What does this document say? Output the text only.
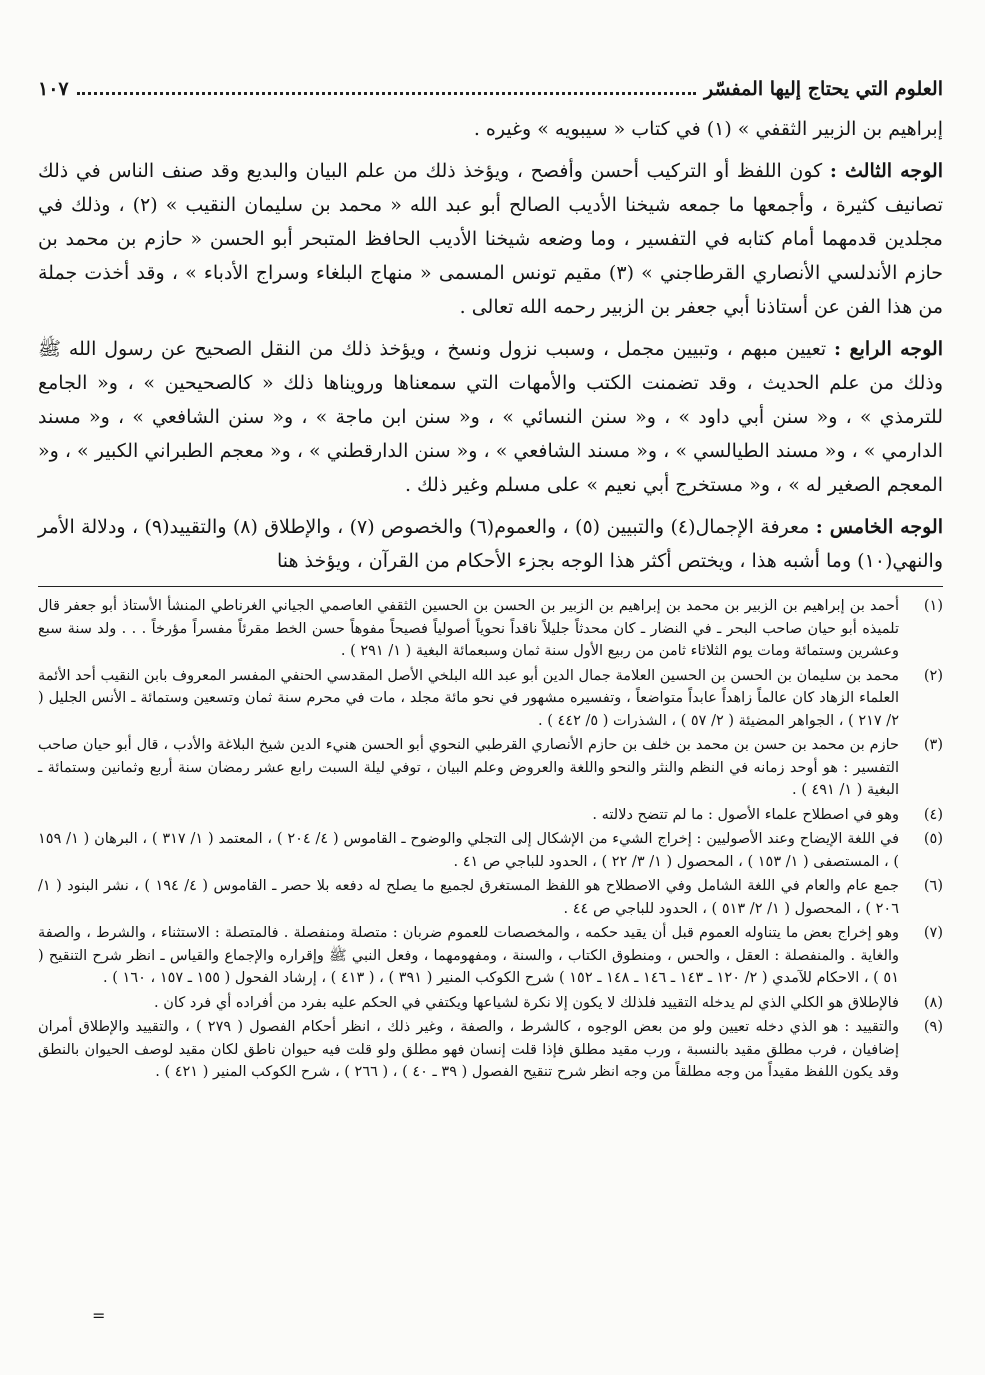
العلوم التي يحتاج إليها المفسّر
١٠٧

إبراهيم بن الزبير الثقفي » (١) في كتاب « سيبويه » وغيره .

الوجه الثالث : كون اللفظ أو التركيب أحسن وأفصح ، ويؤخذ ذلك من علم البيان والبديع وقد صنف الناس في ذلك تصانيف كثيرة ، وأجمعها ما جمعه شيخنا الأديب الصالح أبو عبد الله « محمد بن سليمان النقيب » (٢) ، وذلك في مجلدين قدمهما أمام كتابه في التفسير ، وما وضعه شيخنا الأديب الحافظ المتبحر أبو الحسن « حازم بن محمد بن حازم الأندلسي الأنصاري القرطاجني » (٣) مقيم تونس المسمى « منهاج البلغاء وسراج الأدباء » ، وقد أخذت جملة من هذا الفن عن أستاذنا أبي جعفر بن الزبير رحمه الله تعالى .

الوجه الرابع : تعيين مبهم ، وتبيين مجمل ، وسبب نزول ونسخ ، ويؤخذ ذلك من النقل الصحيح عن رسول الله ﷺ وذلك من علم الحديث ، وقد تضمنت الكتب والأمهات التي سمعناها ورويناها ذلك « كالصحيحين » ، و« الجامع للترمذي » ، و« سنن أبي داود » ، و« سنن النسائي » ، و« سنن ابن ماجة » ، و« سنن الشافعي » ، و« مسند الدارمي » ، و« مسند الطيالسي » ، و« مسند الشافعي » ، و« سنن الدارقطني » ، و« معجم الطبراني الكبير » ، و« المعجم الصغير له » ، و« مستخرج أبي نعيم » على مسلم وغير ذلك .

الوجه الخامس : معرفة الإجمال(٤) والتبيين (٥) ، والعموم(٦) والخصوص (٧) ، والإطلاق (٨) والتقييد(٩) ، ودلالة الأمر والنهي(١٠) وما أشبه هذا ، ويختص أكثر هذا الوجه بجزء الأحكام من القرآن ، ويؤخذ هنا

(١)
أحمد بن إبراهيم بن الزبير بن محمد بن إبراهيم بن الزبير بن الحسن بن الحسين الثقفي العاصمي الجياني الغرناطي المنشأ الأستاذ أبو جعفر قال تلميذه أبو حيان صاحب البحر ـ في النضار ـ كان محدثاً جليلاً ناقداً نحوياً أصولياً فصيحاً مفوهاً حسن الخط مقرئاً مفسراً مؤرخاً . . . ولد سنة سبع وعشرين وستمائة ومات يوم الثلاثاء ثامن من ربيع الأول سنة ثمان وسبعمائة البغية ( ١/ ٢٩١ ) .
(٢)
محمد بن سليمان بن الحسن بن الحسين العلامة جمال الدين أبو عبد الله البلخي الأصل المقدسي الحنفي المفسر المعروف بابن النقيب أحد الأئمة العلماء الزهاد كان عالماً زاهداً عابداً متواضعاً ، وتفسيره مشهور في نحو مائة مجلد ، مات في محرم سنة ثمان وتسعين وستمائة ـ الأنس الجليل ( ٢/ ٢١٧ ) ، الجواهر المضيئة ( ٢/ ٥٧ ) ، الشذرات ( ٥/ ٤٤٢ ) .
(٣)
حازم بن محمد بن حسن بن محمد بن خلف بن حازم الأنصاري القرطبي النحوي أبو الحسن هنيء الدين شيخ البلاغة والأدب ، قال أبو حيان صاحب التفسير : هو أوحد زمانه في النظم والنثر والنحو واللغة والعروض وعلم البيان ، توفي ليلة السبت رابع عشر رمضان سنة أربع وثمانين وستمائة ـ البغية ( ١/ ٤٩١ ) .
(٤)
وهو في اصطلاح علماء الأصول : ما لم تتضح دلالته .
(٥)
في اللغة الإيضاح وعند الأصوليين : إخراج الشيء من الإشكال إلى التجلي والوضوح ـ القاموس ( ٤/ ٢٠٤ ) ، المعتمد ( ١/ ٣١٧ ) ، البرهان ( ١/ ١٥٩ ) ، المستصفى ( ١/ ١٥٣ ) ، المحصول ( ١/ ٣/ ٢٢ ) ، الحدود للباجي ص ٤١ .
(٦)
جمع عام والعام في اللغة الشامل وفي الاصطلاح هو اللفظ المستغرق لجميع ما يصلح له دفعه بلا حصر ـ القاموس ( ٤/ ١٩٤ ) ، نشر البنود ( ١/ ٢٠٦ ) ، المحصول ( ١/ ٢/ ٥١٣ ) ، الحدود للباجي ص ٤٤ .
(٧)
وهو إخراج بعض ما يتناوله العموم قبل أن يقيد حكمه ، والمخصصات للعموم ضربان : متصلة ومنفصلة . فالمتصلة : الاستثناء ، والشرط ، والصفة والغاية . والمنفصلة : العقل ، والحس ، ومنطوق الكتاب ، والسنة ، ومفهومهما ، وفعل النبي ﷺ وإقراره والإجماع والقياس ـ انظر شرح التنقيح ( ٥١ ) ، الاحكام للآمدي ( ٢/ ١٢٠ ـ ١٤٣ ـ ١٤٦ ـ ١٤٨ ـ ١٥٢ ) شرح الكوكب المنير ( ٣٩١ ) ، ( ٤١٣ ) ، إرشاد الفحول ( ١٥٥ ـ ١٥٧ ، ١٦٠ ) .
(٨)
فالإطلاق هو الكلي الذي لم يدخله التقييد فلذلك لا يكون إلا نكرة لشياعها ويكتفي في الحكم عليه بفرد من أفراده أي فرد كان .
(٩)
والتقييد : هو الذي دخله تعيين ولو من بعض الوجوه ، كالشرط ، والصفة ، وغير ذلك ، انظر أحكام الفصول ( ٢٧٩ ) ، والتقييد والإطلاق أمران إضافيان ، فرب مطلق مقيد بالنسبة ، ورب مقيد مطلق فإذا قلت إنسان فهو مطلق ولو قلت فيه حيوان ناطق لكان مقيد لوصف الحيوان بالنطق وقد يكون اللفظ مقيداً من وجه مطلقاً من وجه انظر شرح تنقيح الفصول ( ٣٩ ـ ٤٠ ) ، ( ٢٦٦ ) ، شرح الكوكب المنير ( ٤٢١ ) .
=
